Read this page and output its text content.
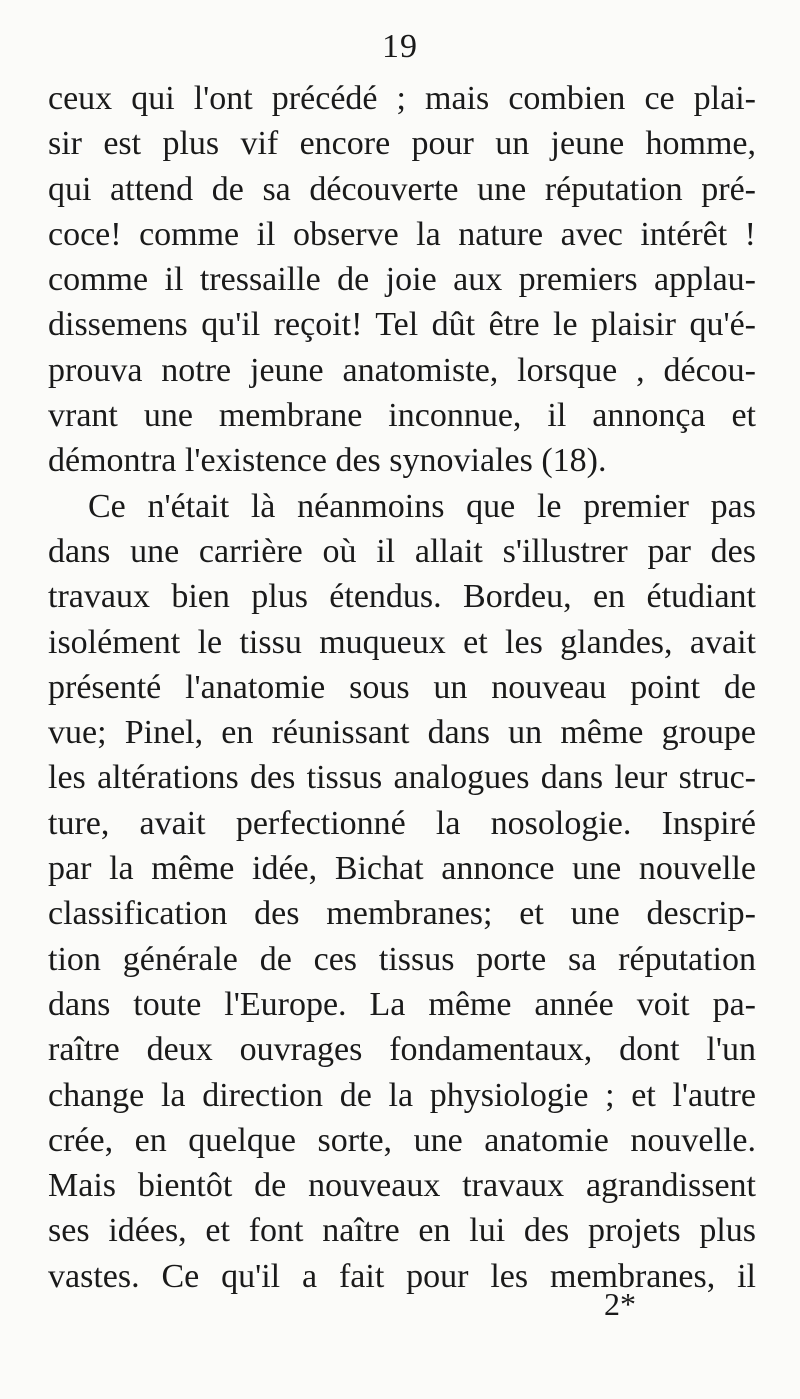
19
ceux qui l'ont précédé ; mais combien ce plai-
sir est plus vif encore pour un jeune homme,
qui attend de sa découverte une réputation pré-
coce! comme il observe la nature avec intérêt !
comme il tressaille de joie aux premiers applau-
dissemens qu'il reçoit! Tel dût être le plaisir qu'é-
prouva notre jeune anatomiste, lorsque , décou-
vrant une membrane inconnue, il annonça et
démontra l'existence des synoviales (18).
Ce n'était là néanmoins que le premier pas
dans une carrière où il allait s'illustrer par des
travaux bien plus étendus. Bordeu, en étudiant
isolément le tissu muqueux et les glandes, avait
présenté l'anatomie sous un nouveau point de
vue; Pinel, en réunissant dans un même groupe
les altérations des tissus analogues dans leur struc-
ture, avait perfectionné la nosologie. Inspiré
par la même idée, Bichat annonce une nouvelle
classification des membranes; et une descrip-
tion générale de ces tissus porte sa réputation
dans toute l'Europe. La même année voit pa-
raître deux ouvrages fondamentaux, dont l'un
change la direction de la physiologie ; et l'autre
crée, en quelque sorte, une anatomie nouvelle.
Mais bientôt de nouveaux travaux agrandissent
ses idées, et font naître en lui des projets plus
vastes. Ce qu'il a fait pour les membranes, il
2*
